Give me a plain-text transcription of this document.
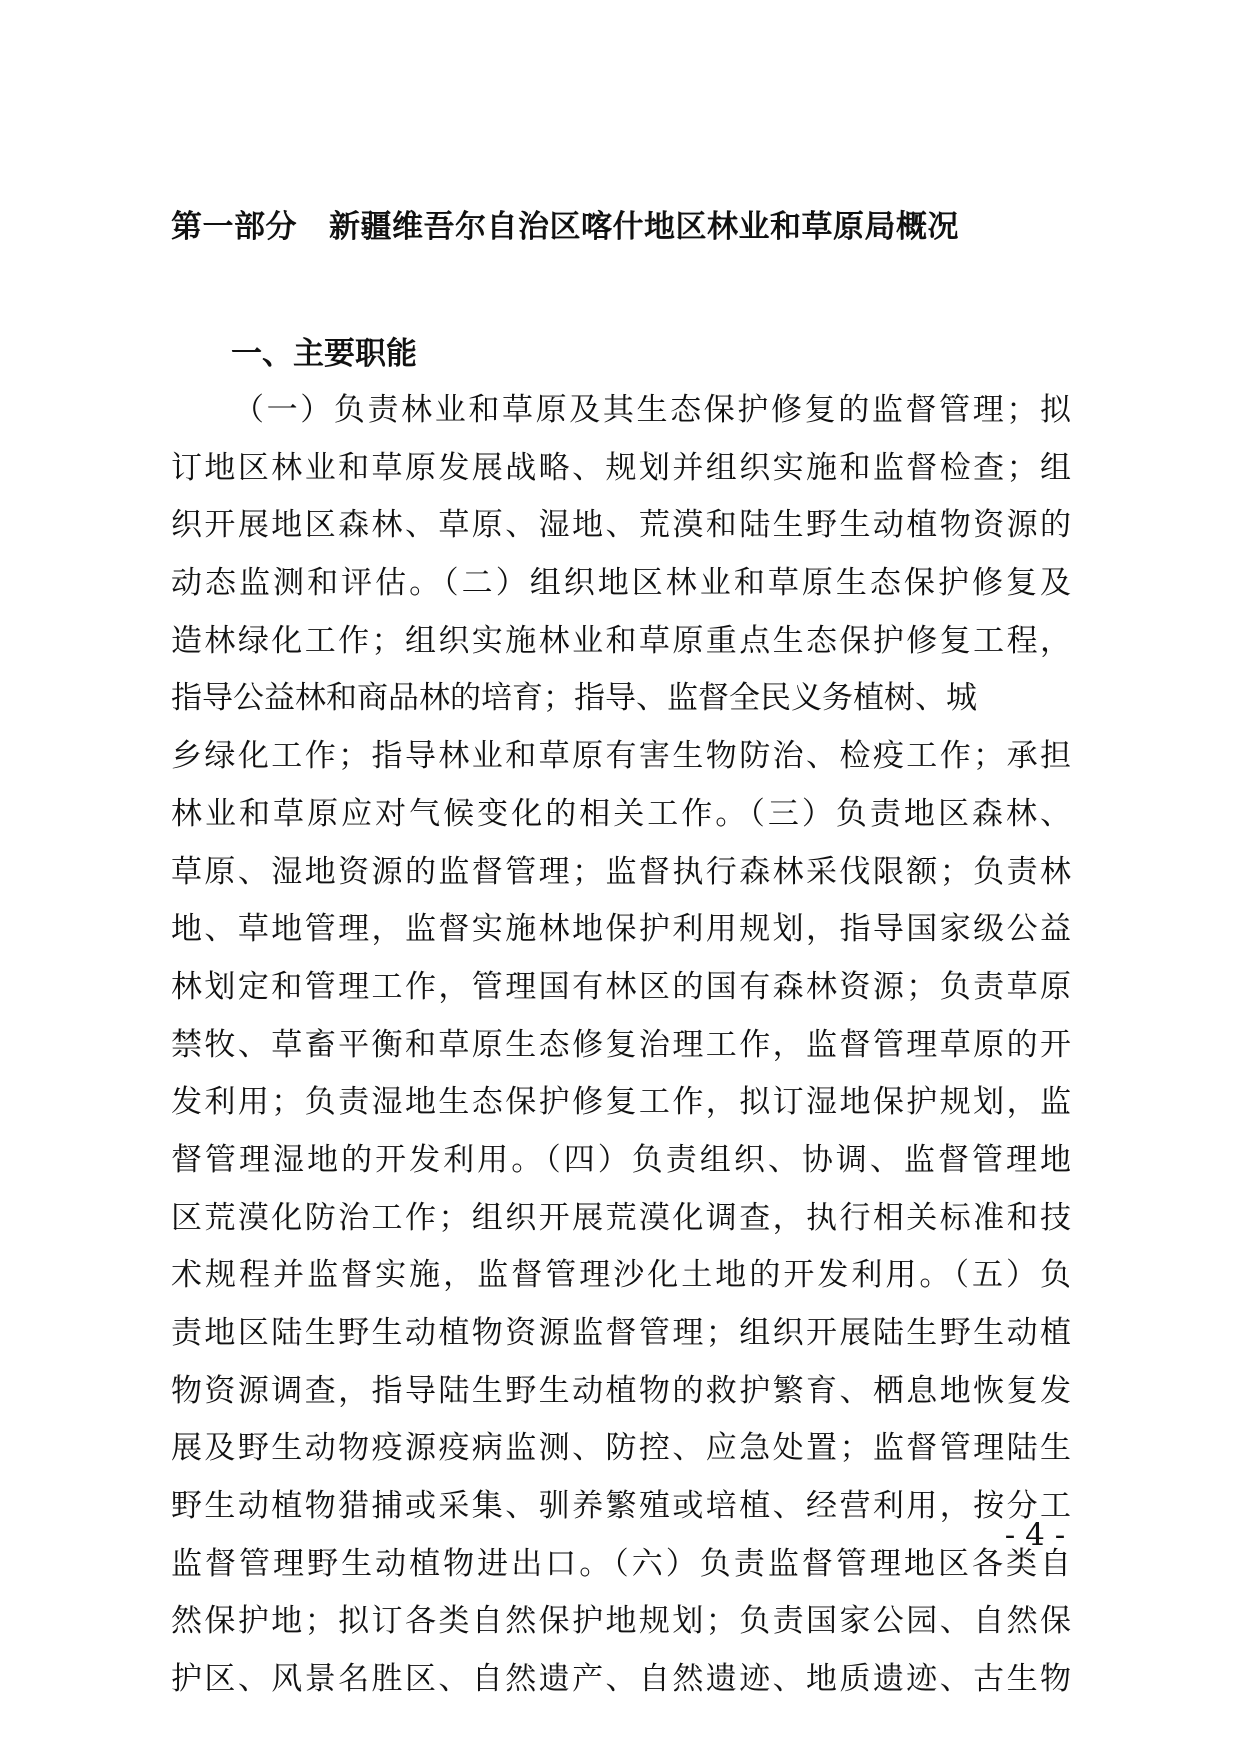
第一部分 新疆维吾尔自治区喀什地区林业和草原局概况
一、主要职能
（一）负责林业和草原及其生态保护修复的监督管理；拟
订地区林业和草原发展战略、规划并组织实施和监督检查；组
织开展地区森林、草原、湿地、荒漠和陆生野生动植物资源的
动态监测和评估。（二）组织地区林业和草原生态保护修复及
造林绿化工作；组织实施林业和草原重点生态保护修复工程，
指导公益林和商品林的培育；指导、监督全民义务植树、城
乡绿化工作；指导林业和草原有害生物防治、检疫工作；承担
林业和草原应对气候变化的相关工作。（三）负责地区森林、
草原、湿地资源的监督管理；监督执行森林采伐限额；负责林
地、草地管理，监督实施林地保护利用规划，指导国家级公益
林划定和管理工作，管理国有林区的国有森林资源；负责草原
禁牧、草畜平衡和草原生态修复治理工作，监督管理草原的开
发利用；负责湿地生态保护修复工作，拟订湿地保护规划，监
督管理湿地的开发利用。（四）负责组织、协调、监督管理地
区荒漠化防治工作；组织开展荒漠化调查，执行相关标准和技
术规程并监督实施，监督管理沙化土地的开发利用。（五）负
责地区陆生野生动植物资源监督管理；组织开展陆生野生动植
物资源调查，指导陆生野生动植物的救护繁育、栖息地恢复发
展及野生动物疫源疫病监测、防控、应急处置；监督管理陆生
野生动植物猎捕或采集、驯养繁殖或培植、经营利用，按分工
监督管理野生动植物进出口。（六）负责监督管理地区各类自
然保护地；拟订各类自然保护地规划；负责国家公园、自然保
护区、风景名胜区、自然遗产、自然遗迹、地质遗迹、古生物
- 4 -
